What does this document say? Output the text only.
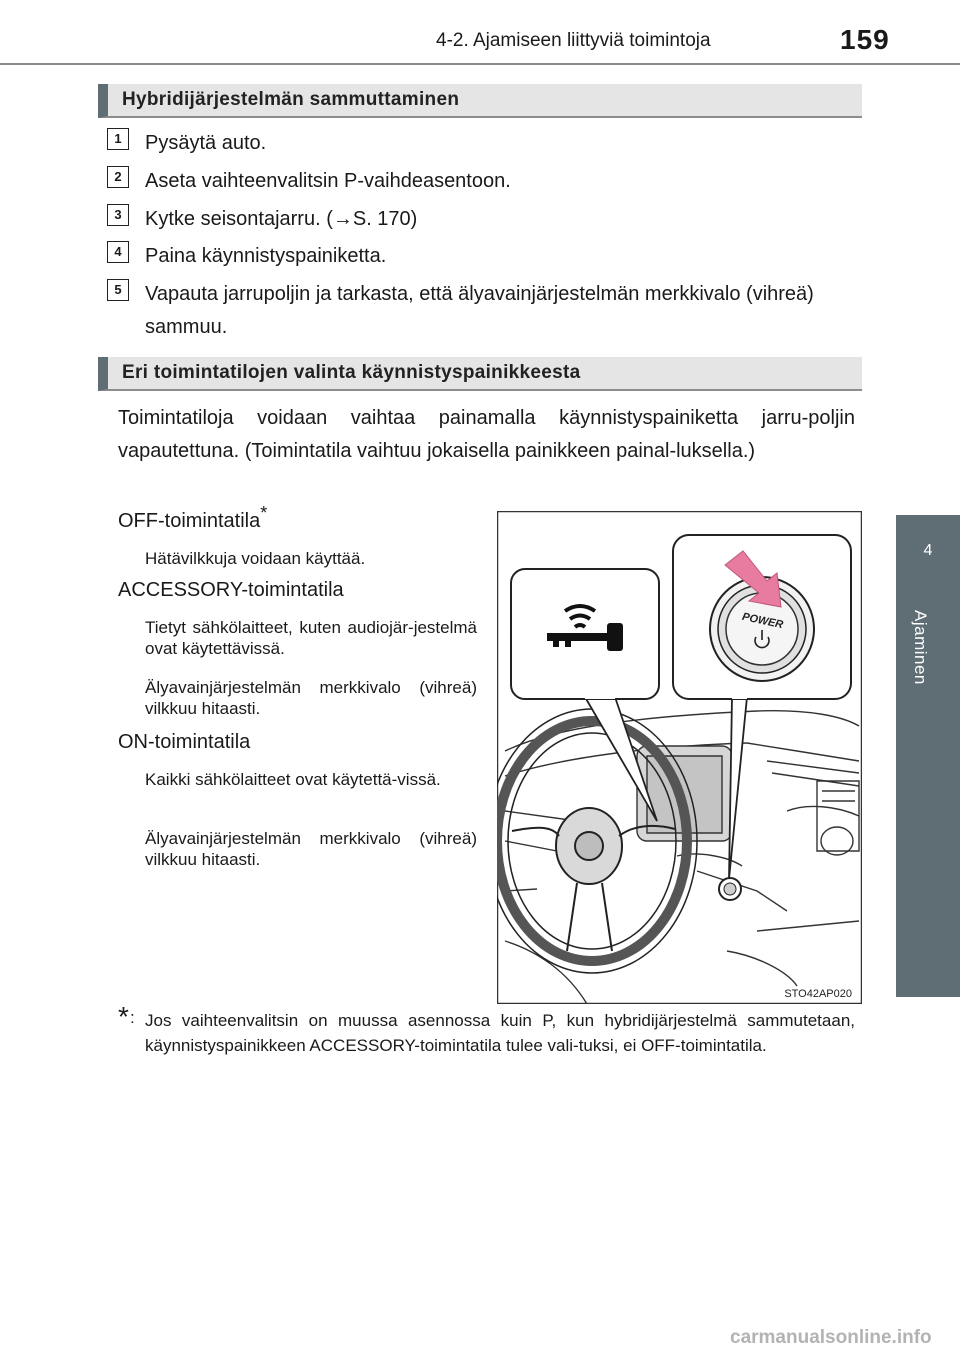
4-2. Ajamiseen liittyviä toimintoja	159
4
Ajaminen
Hybridijärjestelmän sammuttaminen
1	Pysäytä auto.
2	Aseta vaihteenvalitsin P-vaihdeasentoon.
3	Kytke seisontajarru. (→S. 170)
4	Paina käynnistyspainiketta.
5	Vapauta jarrupoljin ja tarkasta, että älyavainjärjestelmän merkkivalo (vihreä) sammuu.
Eri toimintatilojen valinta käynnistyspainikkeesta
Toimintatiloja voidaan vaihtaa painamalla käynnistyspainiketta jarru-poljin vapautettuna. (Toimintatila vaihtuu jokaisella painikkeen painal-luksella.)
OFF-toimintatila*
Hätävilkkuja voidaan käyttää.
ACCESSORY-toimintatila
Tietyt sähkölaitteet, kuten audiojär-jestelmä ovat käytettävissä.
Älyavainjärjestelmän merkkivalo (vihreä) vilkkuu hitaasti.
ON-toimintatila
Kaikki sähkölaitteet ovat käytettä-vissä.
Älyavainjärjestelmän merkkivalo (vihreä) vilkkuu hitaasti.
POWER
STO42AP020
* : Jos vaihteenvalitsin on muussa asennossa kuin P, kun hybridijärjestelmä sammutetaan, käynnistyspainikkeen ACCESSORY-toimintatila tulee vali-tuksi, ei OFF-toimintatila.
carmanualsonline.info
